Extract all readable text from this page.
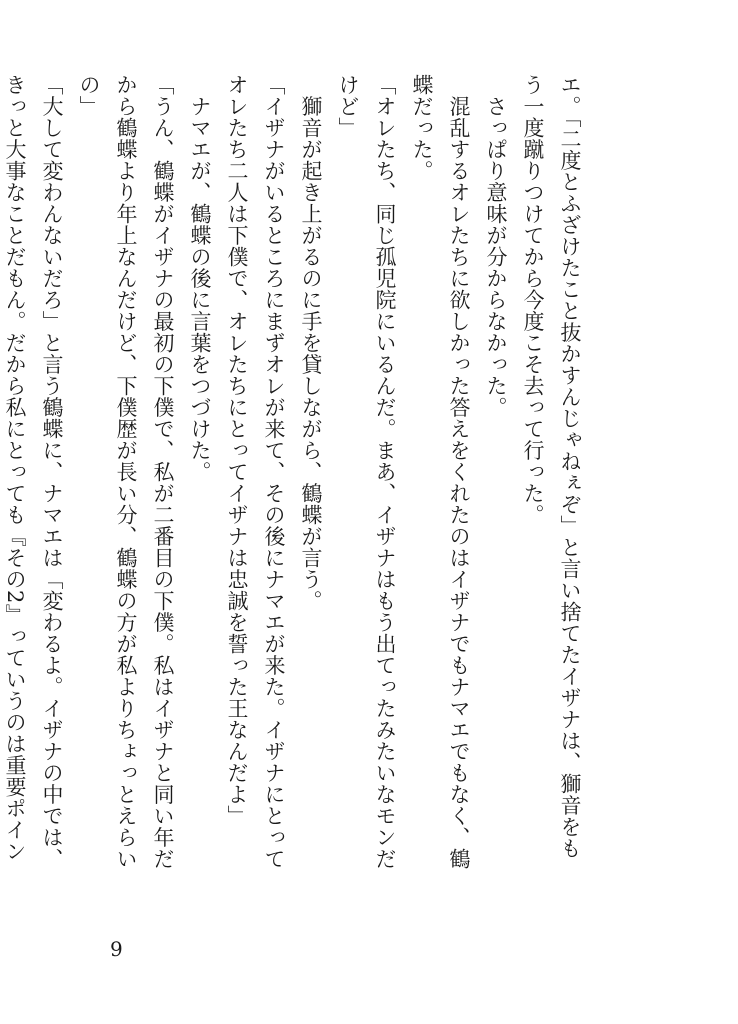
エ。「二度とふざけたこと抜かすんじゃねぇぞ」と言い捨てたイザナは、獅音をもう一度蹴りつけてから今度こそ去って行った。

　さっぱり意味が分からなかった。

　混乱するオレたちに欲しかった答えをくれたのはイザナでもナマエでもなく、鶴蝶だった。

「オレたち、同じ孤児院にいるんだ。まあ、イザナはもう出てったみたいなモンだけど」

　獅音が起き上がるのに手を貸しながら、鶴蝶が言う。

「イザナがいるところにまずオレが来て、その後にナマエが来た。イザナにとってオレたち二人は下僕で、オレたちにとってイザナは忠誠を誓った王なんだよ」

　ナマエが、鶴蝶の後に言葉をつづけた。

「うん、鶴蝶がイザナの最初の下僕で、私が二番目の下僕。私はイザナと同い年だから鶴蝶より年上なんだけど、下僕歴が長い分、鶴蝶の方が私よりちょっとえらいの」

「大して変わんないだろ」と言う鶴蝶に、ナマエは「変わるよ。イザナの中では、きっと大事なことだもん。だから私にとっても『その2』っていうのは重要ポイン

9
